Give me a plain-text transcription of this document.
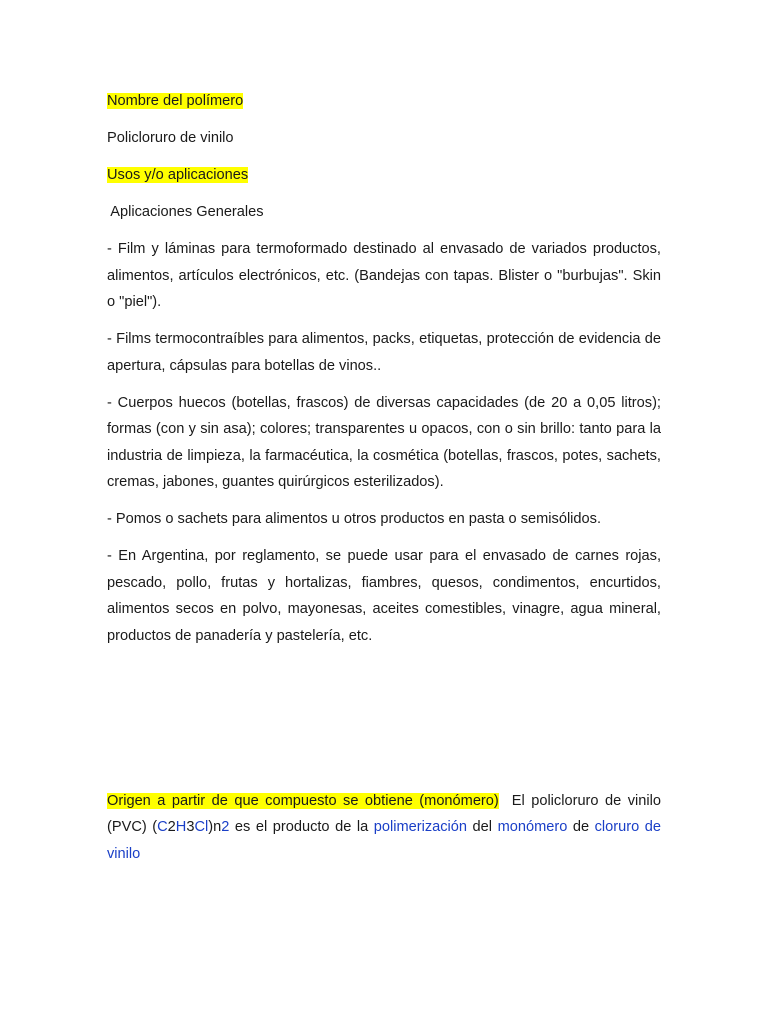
Nombre del polímero

Policloruro de vinilo

Usos y/o aplicaciones

Aplicaciones Generales

- Film y láminas para termoformado destinado al envasado de variados productos, alimentos, artículos electrónicos, etc. (Bandejas con tapas. Blister o "burbujas". Skin o "piel").

- Films termocontraíbles para alimentos, packs, etiquetas, protección de evidencia de apertura, cápsulas para botellas de vinos..

- Cuerpos huecos (botellas, frascos) de diversas capacidades (de 20 a 0,05 litros); formas (con y sin asa); colores; transparentes u opacos, con o sin brillo: tanto para la industria de limpieza, la farmacéutica, la cosmética (botellas, frascos, potes, sachets, cremas, jabones, guantes quirúrgicos esterilizados).

- Pomos o sachets para alimentos u otros productos en pasta o semisólidos.

- En Argentina, por reglamento, se puede usar para el envasado de carnes rojas, pescado, pollo, frutas y hortalizas, fiambres, quesos, condimentos, encurtidos, alimentos secos en polvo, mayonesas, aceites comestibles, vinagre, agua mineral, productos de panadería y pastelería, etc.

Origen a partir de que compuesto se obtiene (monómero)  El policloruro de vinilo (PVC) (C2H3Cl)n2 es el producto de la polimerización del monómero de cloruro de vinilo
